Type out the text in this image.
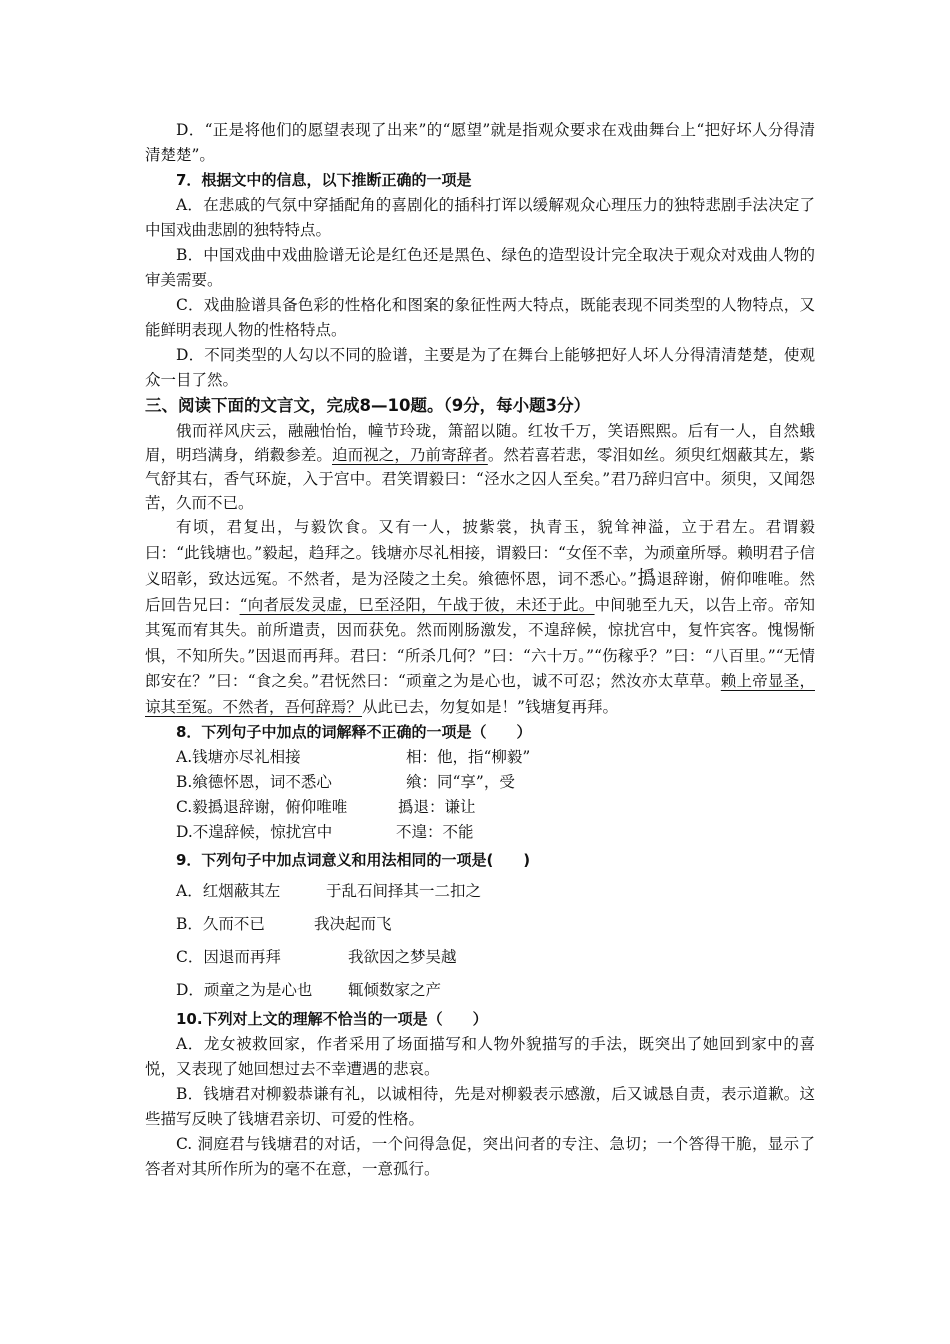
D．“正是将他们的愿望表现了出来”的“愿望”就是指观众要求在戏曲舞台上“把好坏人分得清清楚楚”。

7．根据文中的信息，以下推断正确的一项是

A．在悲戚的气氛中穿插配角的喜剧化的插科打诨以缓解观众心理压力的独特悲剧手法决定了中国戏曲悲剧的独特特点。

B．中国戏曲中戏曲脸谱无论是红色还是黑色、绿色的造型设计完全取决于观众对戏曲人物的审美需要。

C．戏曲脸谱具备色彩的性格化和图案的象征性两大特点，既能表现不同类型的人物特点，又能鲜明表现人物的性格特点。

D．不同类型的人勾以不同的脸谱，主要是为了在舞台上能够把好人坏人分得清清楚楚，使观众一目了然。

三、阅读下面的文言文，完成8—10题。（9分，每小题3分）

俄而祥风庆云，融融怡怡，幢节玲珑，箫韶以随。红妆千万，笑语熙熙。后有一人，自然蛾眉，明珰满身，绡縠参差。迫而视之，乃前寄辞者。然若喜若悲，零泪如丝。须臾红烟蔽其左，紫气舒其右，香气环旋，入于宫中。君笑谓毅曰：“泾水之囚人至矣。”君乃辞归宫中。须臾，又闻怨苦，久而不已。

有顷，君复出，与毅饮食。又有一人，披紫裳，执青玉，貌耸神溢，立于君左。君谓毅曰：“此钱塘也。”毅起，趋拜之。钱塘亦尽礼相接，谓毅曰：“女侄不幸，为顽童所辱。赖明君子信义昭彰，致达远冤。不然者，是为泾陵之土矣。飨德怀恩，词不悉心。”撝退辞谢，俯仰唯唯。然后回告兄曰：“向者辰发灵虚，巳至泾阳，午战于彼，未还于此。中间驰至九天，以告上帝。帝知其冤而宥其失。前所遣责，因而获免。然而刚肠激发，不遑辞候，惊扰宫中，复忤宾客。愧惕惭惧，不知所失。”因退而再拜。君曰：“所杀几何？”曰：“六十万。”“伤稼乎？”曰：“八百里。”“无情郎安在？”曰：“食之矣。”君怃然曰：“顽童之为是心也，诚不可忍；然汝亦太草草。赖上帝显圣，谅其至冤。不然者，吾何辞焉？从此已去，勿复如是！”钱塘复再拜。

8．下列句子中加点的词解释不正确的一项是（　　）

A.钱塘亦尽礼相接	相：他，指“柳毅”

B.飨德怀恩，词不悉心	飨：同“享”，受

C.毅撝退辞谢，俯仰唯唯	撝退：谦让

D.不遑辞候，惊扰宫中	不遑：不能

9．下列句子中加点词意义和用法相同的一项是(　　)

A．红烟蔽其左	于乱石间择其一二扣之

B．久而不已	我决起而飞

C．因退而再拜	我欲因之梦吴越

D．顽童之为是心也	辄倾数家之产

10.下列对上文的理解不恰当的一项是（　　）

A．龙女被救回家，作者采用了场面描写和人物外貌描写的手法，既突出了她回到家中的喜悦，又表现了她回想过去不幸遭遇的悲哀。

B．钱塘君对柳毅恭谦有礼，以诚相待，先是对柳毅表示感激，后又诚恳自责，表示道歉。这些描写反映了钱塘君亲切、可爱的性格。

C. 洞庭君与钱塘君的对话，一个问得急促，突出问者的专注、急切；一个答得干脆，显示了答者对其所作所为的毫不在意，一意孤行。
